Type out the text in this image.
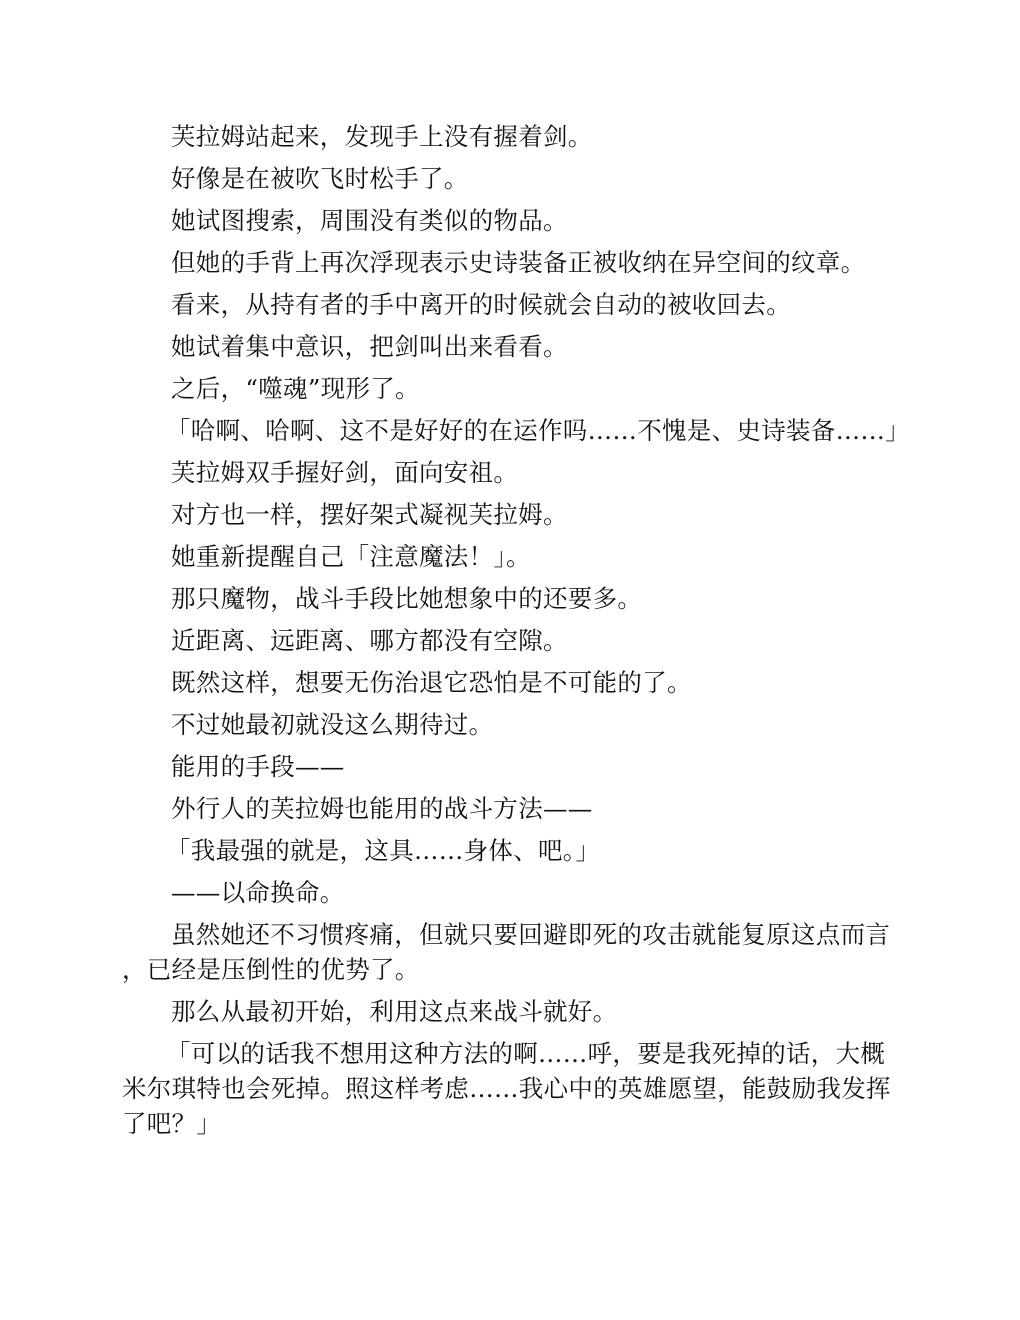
芙拉姆站起来，发现手上没有握着剑。

好像是在被吹飞时松手了。

她试图搜索，周围没有类似的物品。

但她的手背上再次浮现表示史诗装备正被收纳在异空间的纹章。

看来，从持有者的手中离开的时候就会自动的被收回去。

她试着集中意识，把剑叫出来看看。

之后，“噬魂”现形了。

「哈啊、哈啊、这不是好好的在运作吗……不愧是、史诗装备……」

芙拉姆双手握好剑，面向安祖。

对方也一样，摆好架式凝视芙拉姆。

她重新提醒自己「注意魔法！」。

那只魔物，战斗手段比她想象中的还要多。

近距离、远距离、哪方都没有空隙。

既然这样，想要无伤治退它恐怕是不可能的了。

不过她最初就没这么期待过。

能用的手段——

外行人的芙拉姆也能用的战斗方法——

「我最强的就是，这具……身体、吧。」

——以命换命。

虽然她还不习惯疼痛，但就只要回避即死的攻击就能复原这点而言，已经是压倒性的优势了。

那么从最初开始，利用这点来战斗就好。

「可以的话我不想用这种方法的啊……呼，要是我死掉的话，大概米尔琪特也会死掉。照这样考虑……我心中的英雄愿望，能鼓励我发挥了吧？」
